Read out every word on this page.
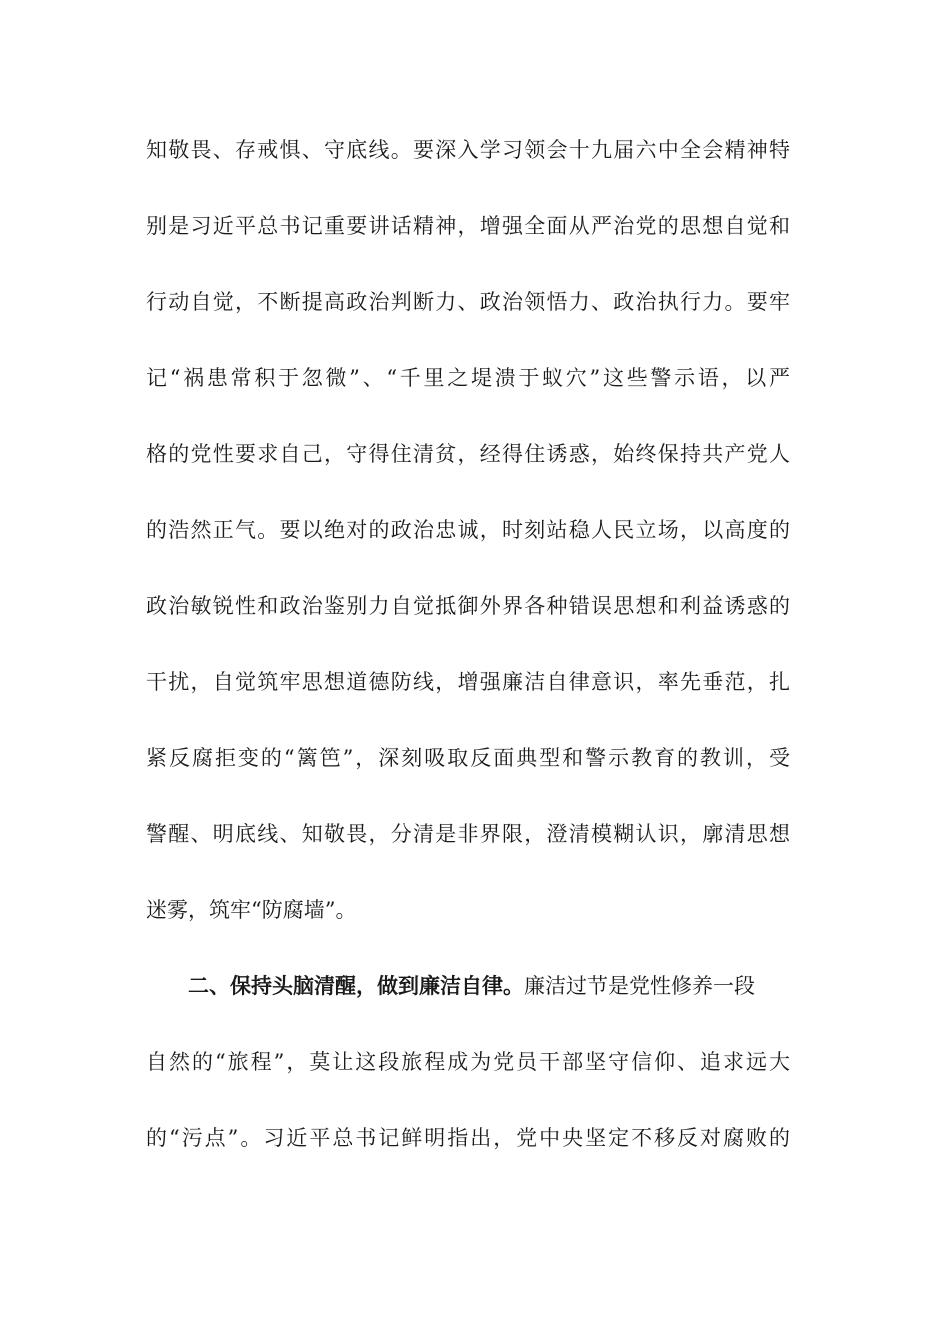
知敬畏、存戒惧、守底线。要深入学习领会十九届六中全会精神特
别是习近平总书记重要讲话精神，增强全面从严治党的思想自觉和
行动自觉，不断提高政治判断力、政治领悟力、政治执行力。要牢
记“祸患常积于忽微”、“千里之堤溃于蚁穴”这些警示语，以严
格的党性要求自己，守得住清贫，经得住诱惑，始终保持共产党人
的浩然正气。要以绝对的政治忠诚，时刻站稳人民立场，以高度的
政治敏锐性和政治鉴别力自觉抵御外界各种错误思想和利益诱惑的
干扰，自觉筑牢思想道德防线，增强廉洁自律意识，率先垂范，扎
紧反腐拒变的“篱笆”，深刻吸取反面典型和警示教育的教训，受
警醒、明底线、知敬畏，分清是非界限，澄清模糊认识，廓清思想
迷雾，筑牢“防腐墙”。
二、保持头脑清醒，做到廉洁自律。廉洁过节是党性修养一段
自然的“旅程”，莫让这段旅程成为党员干部坚守信仰、追求远大
的“污点”。习近平总书记鲜明指出，党中央坚定不移反对腐败的
